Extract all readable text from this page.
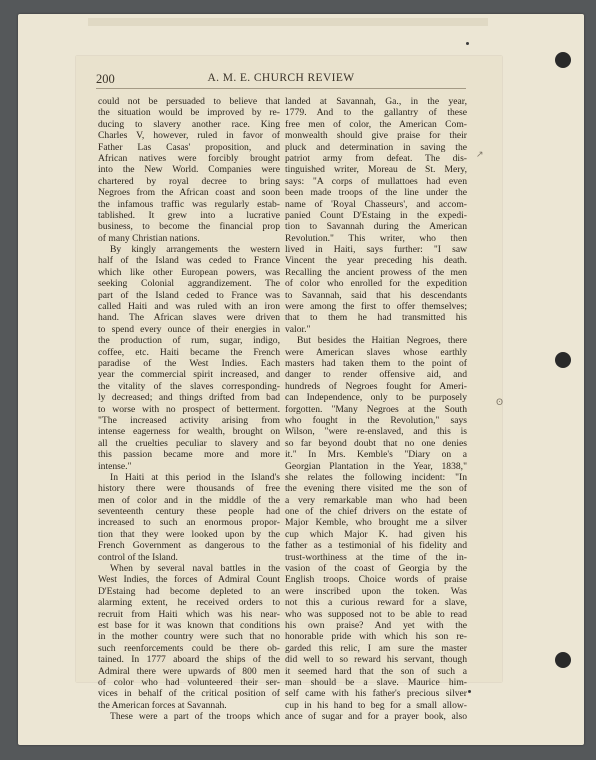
200	A. M. E. CHURCH REVIEW
could not be persuaded to believe that
the situation would be improved by re-
ducing to slavery another race. King
Charles V, however, ruled in favor of
Father Las Casas' proposition, and
African natives were forcibly brought
into the New World. Companies were
chartered by royal decree to bring
Negroes from the African coast and soon
the infamous traffic was regularly estab-
tablished. It grew into a lucrative
business, to become the financial prop
of many Christian nations.
By kingly arrangements the western
half of the Island was ceded to France
which like other European powers, was
seeking Colonial aggrandizement. The
part of the Island ceded to France was
called Haiti and was ruled with an iron
hand. The African slaves were driven
to spend every ounce of their energies in
the production of rum, sugar, indigo,
coffee, etc. Haiti became the French
paradise of the West Indies. Each
year the commercial spirit increased, and
the vitality of the slaves corresponding-
ly decreased; and things drifted from bad
to worse with no prospect of betterment.
"The increased activity arising from
intense eagerness for wealth, brought on
all the cruelties peculiar to slavery and
this passion became more and more
intense."
In Haiti at this period in the Island's
history there were thousands of free
men of color and in the middle of the
seventeenth century these people had
increased to such an enormous propor-
tion that they were looked upon by the
French Government as dangerous to the
control of the Island.
When by several naval battles in the
West Indies, the forces of Admiral Count
D'Estaing had become depleted to an
alarming extent, he received orders to
recruit from Haiti which was his near-
est base for it was known that conditions
in the mother country were such that no
such reenforcements could be there ob-
tained. In 1777 aboard the ships of the
Admiral there were upwards of 800 men
of color who had volunteered their ser-
vices in behalf of the critical position of
the American forces at Savannah.
These were a part of the troops which
landed at Savannah, Ga., in the year,
1779. And to the gallantry of these
free men of color, the American Com-
monwealth should give praise for their
pluck and determination in saving the
patriot army from defeat. The dis-
tinguished writer, Moreau de St. Mery,
says: "A corps of mullattoes had even
been made troops of the line under the
name of 'Royal Chasseurs', and accom-
panied Count D'Estaing in the expedi-
tion to Savannah during the American
Revolution." This writer, who then
lived in Haiti, says further: "I saw
Vincent the year preceding his death.
Recalling the ancient prowess of the men
of color who enrolled for the expedition
to Savannah, said that his descendants
were among the first to offer themselves;
that to them he had transmitted his
valor."
But besides the Haitian Negroes, there
were American slaves whose earthly
masters had taken them to the point of
danger to render offensive aid, and
hundreds of Negroes fought for Ameri-
can Independence, only to be purposely
forgotten. "Many Negroes at the South
who fought in the Revolution," says
Wilson, "were re-enslaved, and this is
so far beyond doubt that no one denies
it." In Mrs. Kemble's "Diary on a
Georgian Plantation in the Year, 1838,"
she relates the following incident: "In
the evening there visited me the son of
a very remarkable man who had been
one of the chief drivers on the estate of
Major Kemble, who brought me a silver
cup which Major K. had given his
father as a testimonial of his fidelity and
trust-worthiness at the time of the in-
vasion of the coast of Georgia by the
English troops. Choice words of praise
were inscribed upon the token. Was
not this a curious reward for a slave,
who was supposed not to be able to read
his own praise? And yet with the
honorable pride with which his son re-
garded this relic, I am sure the master
did well to so reward his servant, though
it seemed hard that the son of such a
man should be a slave. Maurice him-
self came with his father's precious silver
cup in his hand to beg for a small allow-
ance of sugar and for a prayer book, also
↗
ʘ
